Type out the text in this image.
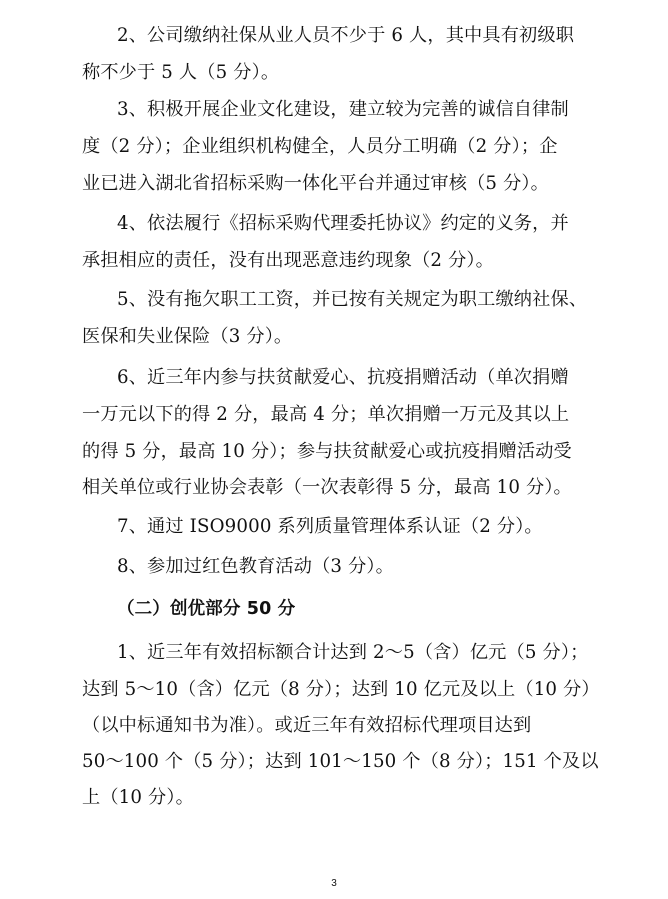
2、公司缴纳社保从业人员不少于 6 人，其中具有初级职
称不少于 5 人（5 分）。
3、积极开展企业文化建设，建立较为完善的诚信自律制
度（2 分）；企业组织机构健全，人员分工明确（2 分）；企
业已进入湖北省招标采购一体化平台并通过审核（5 分）。
4、依法履行《招标采购代理委托协议》约定的义务，并
承担相应的责任，没有出现恶意违约现象（2 分）。
5、没有拖欠职工工资，并已按有关规定为职工缴纳社保、
医保和失业保险（3 分）。
6、近三年内参与扶贫献爱心、抗疫捐赠活动（单次捐赠
一万元以下的得 2 分，最高 4 分；单次捐赠一万元及其以上
的得 5 分，最高 10 分）；参与扶贫献爱心或抗疫捐赠活动受
相关单位或行业协会表彰（一次表彰得 5 分，最高 10 分）。
7、通过 ISO9000 系列质量管理体系认证（2 分）。
8、参加过红色教育活动（3 分）。
（二）创优部分 50 分
1、近三年有效招标额合计达到 2～5（含）亿元（5 分）；
达到 5～10（含）亿元（8 分）；达到 10 亿元及以上（10 分）
（以中标通知书为准）。或近三年有效招标代理项目达到
50～100 个（5 分）；达到 101～150 个（8 分）；151 个及以
上（10 分）。
3
